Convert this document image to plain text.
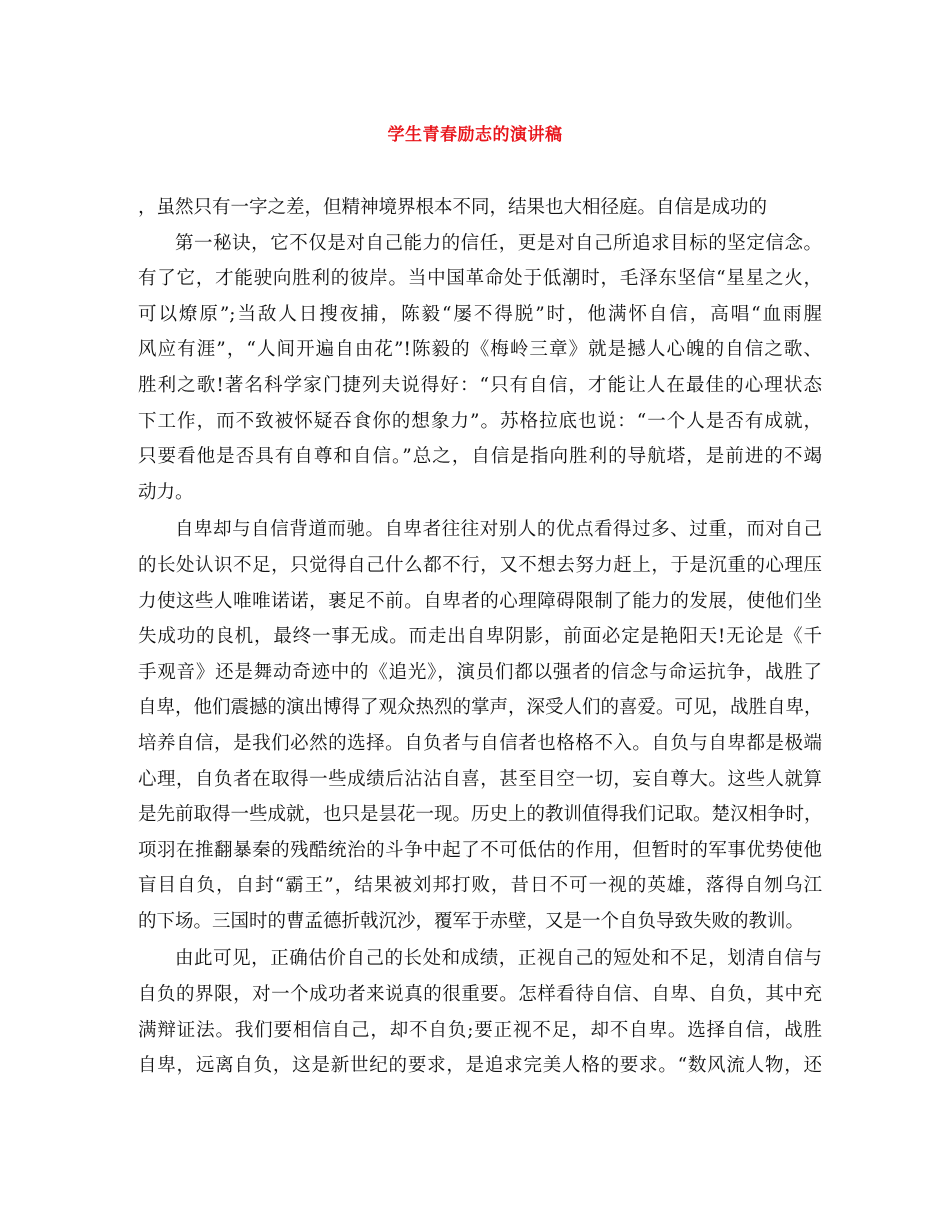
学生青春励志的演讲稿
，虽然只有一字之差，但精神境界根本不同，结果也大相径庭。自信是成功的
第一秘诀，它不仅是对自己能力的信任，更是对自己所追求目标的坚定信念。
有了它，才能驶向胜利的彼岸。当中国革命处于低潮时，毛泽东坚信“星星之火，
可以燎原”;当敌人日搜夜捕，陈毅“屡不得脱”时，他满怀自信，高唱“血雨腥
风应有涯”，“人间开遍自由花”!陈毅的《梅岭三章》就是撼人心魄的自信之歌、
胜利之歌!著名科学家门捷列夫说得好：“只有自信，才能让人在最佳的心理状态
下工作，而不致被怀疑吞食你的想象力”。苏格拉底也说：“一个人是否有成就，
只要看他是否具有自尊和自信。”总之，自信是指向胜利的导航塔，是前进的不竭
动力。
自卑却与自信背道而驰。自卑者往往对别人的优点看得过多、过重，而对自己
的长处认识不足，只觉得自己什么都不行，又不想去努力赶上，于是沉重的心理压
力使这些人唯唯诺诺，裹足不前。自卑者的心理障碍限制了能力的发展，使他们坐
失成功的良机，最终一事无成。而走出自卑阴影，前面必定是艳阳天!无论是《千
手观音》还是舞动奇迹中的《追光》，演员们都以强者的信念与命运抗争，战胜了
自卑，他们震撼的演出博得了观众热烈的掌声，深受人们的喜爱。可见，战胜自卑，
培养自信，是我们必然的选择。自负者与自信者也格格不入。自负与自卑都是极端
心理，自负者在取得一些成绩后沾沾自喜，甚至目空一切，妄自尊大。这些人就算
是先前取得一些成就，也只是昙花一现。历史上的教训值得我们记取。楚汉相争时，
项羽在推翻暴秦的残酷统治的斗争中起了不可低估的作用，但暂时的军事优势使他
盲目自负，自封“霸王”，结果被刘邦打败，昔日不可一视的英雄，落得自刎乌江
的下场。三国时的曹孟德折戟沉沙，覆军于赤壁，又是一个自负导致失败的教训。
由此可见，正确估价自己的长处和成绩，正视自己的短处和不足，划清自信与
自负的界限，对一个成功者来说真的很重要。怎样看待自信、自卑、自负，其中充
满辩证法。我们要相信自己，却不自负;要正视不足，却不自卑。选择自信，战胜
自卑，远离自负，这是新世纪的要求，是追求完美人格的要求。“数风流人物，还
